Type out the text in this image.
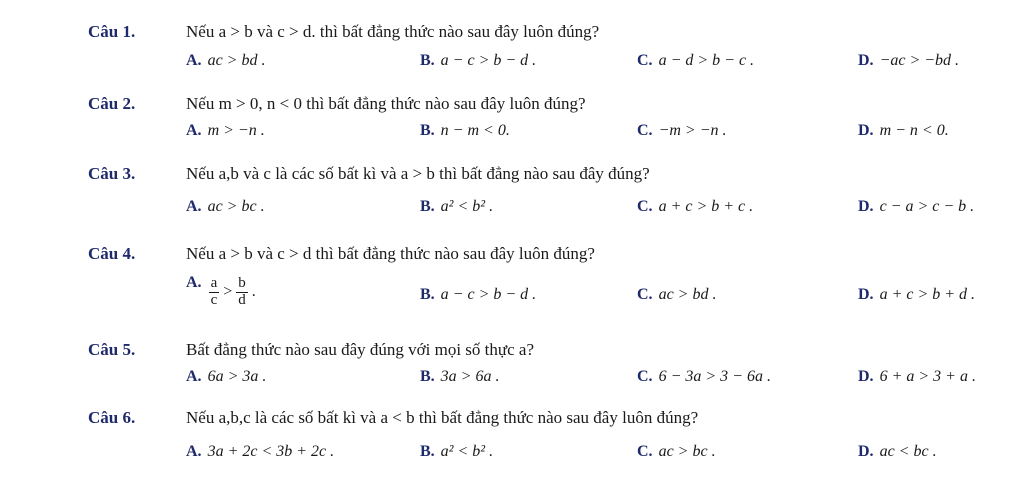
Câu 1.	Nếu a > b và c > d. thì bất đẳng thức nào sau đây luôn đúng?
A. ac > bd .	B. a − c > b − d .	C. a − d > b − c .	D. −ac > −bd .
Câu 2.	Nếu m > 0, n < 0 thì bất đẳng thức nào sau đây luôn đúng?
A. m > −n .	B. n − m < 0.	C. −m > −n .	D. m − n < 0.
Câu 3.	Nếu a,b và c là các số bất kì và a > b thì bất đẳng nào sau đây đúng?
A. ac > bc .	B. a² < b² .	C. a + c > b + c .	D. c − a > c − b .
Câu 4.	Nếu a > b và c > d thì bất đẳng thức nào sau đây luôn đúng?
A. $\frac{a}{c} > \frac{b}{d}$ .	B. a − c > b − d .	C. ac > bd .	D. a + c > b + d .
Câu 5.	Bất đẳng thức nào sau đây đúng với mọi số thực a?
A. 6a > 3a .	B. 3a > 6a .	C. 6 − 3a > 3 − 6a .	D. 6 + a > 3 + a .
Câu 6.	Nếu a,b,c là các số bất kì và a < b thì bất đẳng thức nào sau đây luôn đúng?
A. 3a + 2c < 3b + 2c .	B. a² < b² .	C. ac > bc .	D. ac < bc .
